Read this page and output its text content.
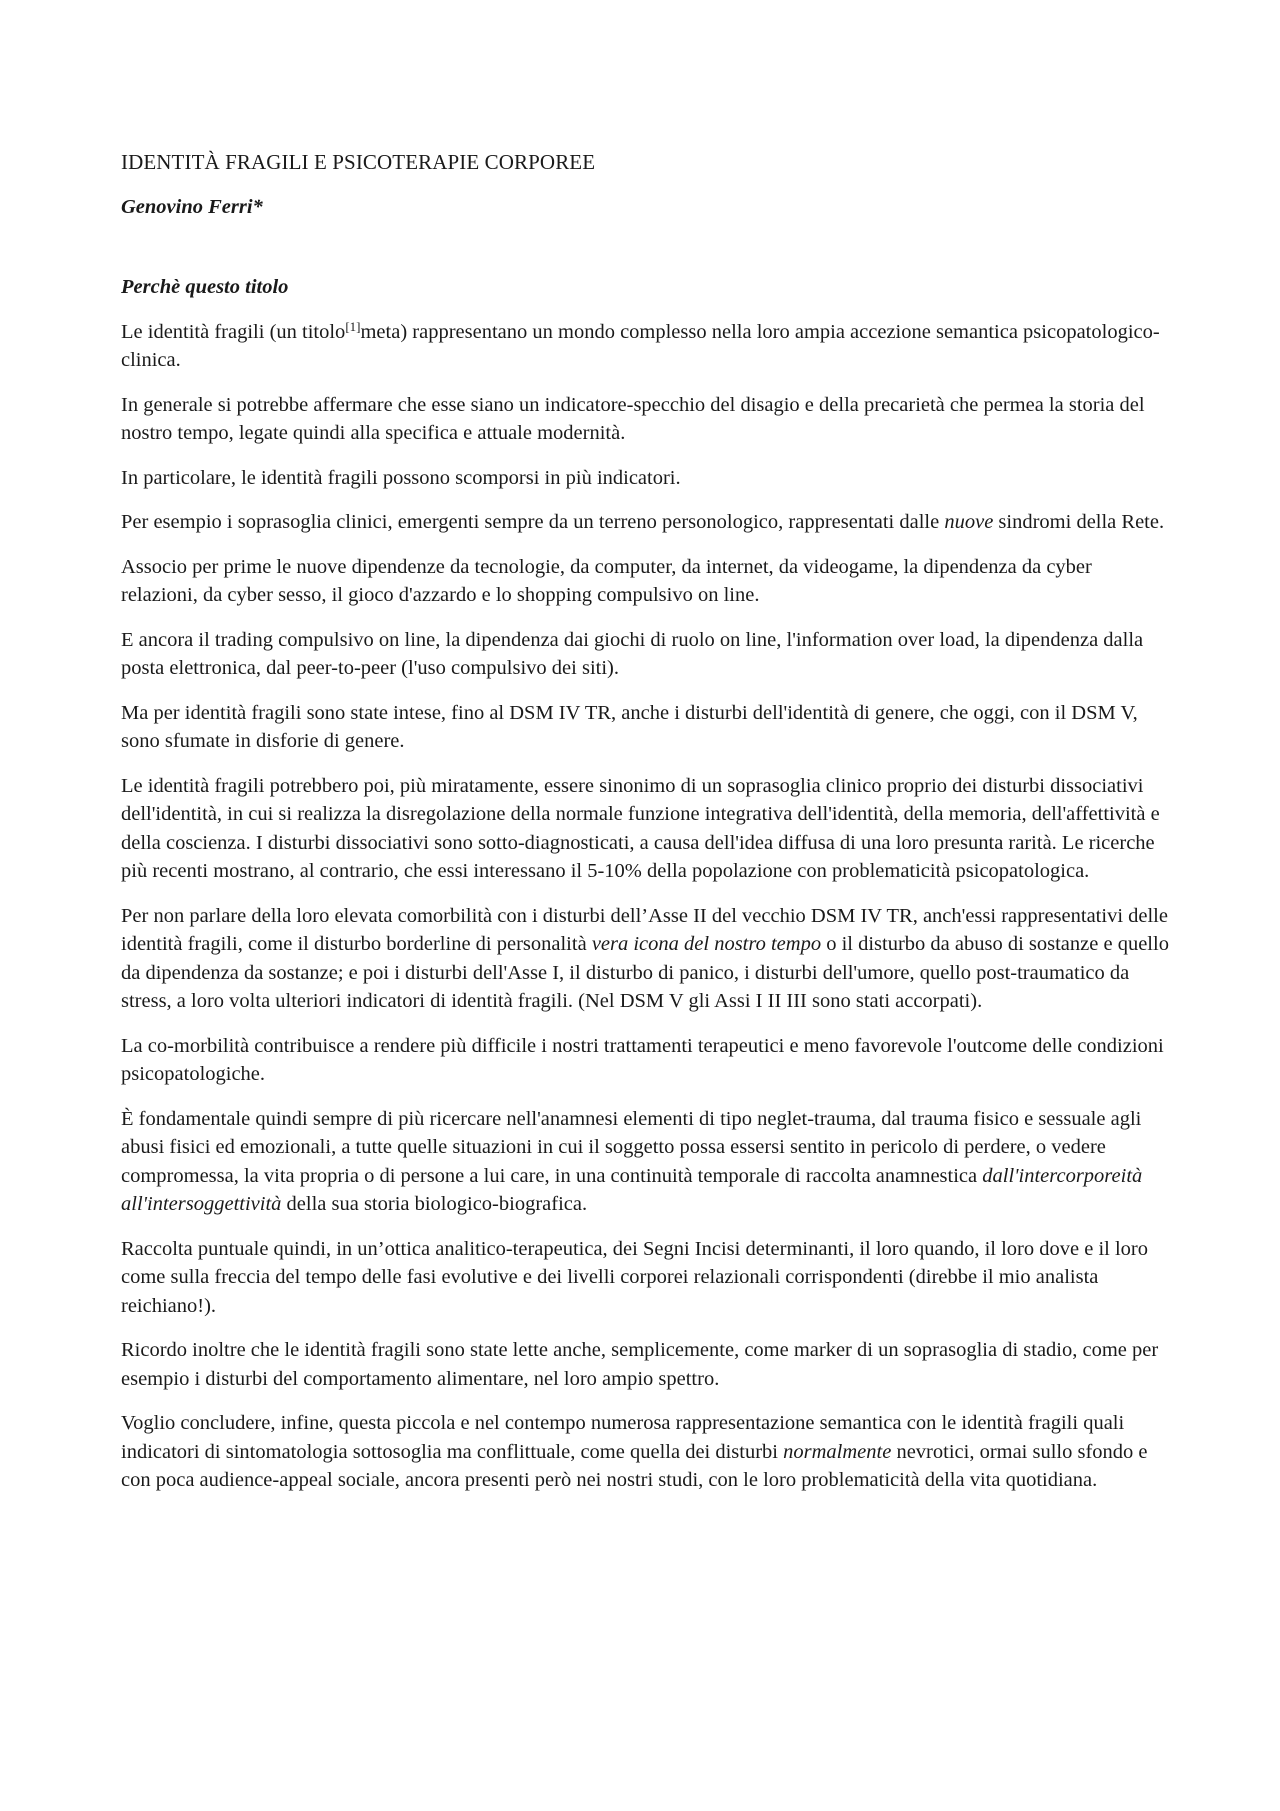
IDENTITÀ FRAGILI E PSICOTERAPIE CORPOREE
Genovino Ferri*
Perchè questo titolo

Le identità fragili (un titolo[1]meta) rappresentano un mondo complesso nella loro ampia accezione semantica psicopatologico-clinica.

In generale si potrebbe affermare che esse siano un indicatore-specchio del disagio e della precarietà che permea la storia del nostro tempo, legate quindi alla specifica e attuale modernità.

In particolare, le identità fragili possono scomporsi in più indicatori.

Per esempio i soprasoglia clinici, emergenti sempre da un terreno personologico, rappresentati dalle nuove sindromi della Rete.

Associo per prime le nuove dipendenze da tecnologie, da computer, da internet, da videogame, la dipendenza da cyber relazioni, da cyber sesso, il gioco d'azzardo e lo shopping compulsivo on line.

E ancora il trading compulsivo on line, la dipendenza dai giochi di ruolo on line, l'information over load, la dipendenza dalla posta elettronica, dal peer-to-peer (l'uso compulsivo dei siti).

Ma per identità fragili sono state intese, fino al DSM IV TR, anche i disturbi dell'identità di genere, che oggi, con il DSM V, sono sfumate in disforie di genere.

Le identità fragili potrebbero poi, più miratamente, essere sinonimo di un soprasoglia clinico proprio dei disturbi dissociativi dell'identità, in cui si realizza la disregolazione della normale funzione integrativa dell'identità, della memoria, dell'affettività e della coscienza. I disturbi dissociativi sono sotto-diagnosticati, a causa dell'idea diffusa di una loro presunta rarità. Le ricerche più recenti mostrano, al contrario, che essi interessano il 5-10% della popolazione con problematicità psicopatologica.

Per non parlare della loro elevata comorbilità con i disturbi dell’Asse II del vecchio DSM IV TR, anch'essi rappresentativi delle identità fragili, come il disturbo borderline di personalità vera icona del nostro tempo o il disturbo da abuso di sostanze e quello da dipendenza da sostanze; e poi i disturbi dell'Asse I, il disturbo di panico, i disturbi dell'umore, quello post-traumatico da stress, a loro volta ulteriori indicatori di identità fragili. (Nel DSM V gli Assi I II III sono stati accorpati).

La co-morbilità contribuisce a rendere più difficile i nostri trattamenti terapeutici e meno favorevole l'outcome delle condizioni psicopatologiche.

È fondamentale quindi sempre di più ricercare nell'anamnesi elementi di tipo neglet-trauma, dal trauma fisico e sessuale agli abusi fisici ed emozionali, a tutte quelle situazioni in cui il soggetto possa essersi sentito in pericolo di perdere, o vedere compromessa, la vita propria o di persone a lui care, in una continuità temporale di raccolta anamnestica dall'intercorporeità all'intersoggettività della sua storia biologico-biografica.

Raccolta puntuale quindi, in un’ottica analitico-terapeutica, dei Segni Incisi determinanti, il loro quando, il loro dove e il loro come sulla freccia del tempo delle fasi evolutive e dei livelli corporei relazionali corrispondenti (direbbe il mio analista reichiano!).

Ricordo inoltre che le identità fragili sono state lette anche, semplicemente, come marker di un soprasoglia di stadio, come per esempio i disturbi del comportamento alimentare, nel loro ampio spettro.

Voglio concludere, infine, questa piccola e nel contempo numerosa rappresentazione semantica con le identità fragili quali indicatori di sintomatologia sottosoglia ma conflittuale, come quella dei disturbi normalmente nevrotici, ormai sullo sfondo e con poca audience-appeal sociale, ancora presenti però nei nostri studi, con le loro problematicità della vita quotidiana.
